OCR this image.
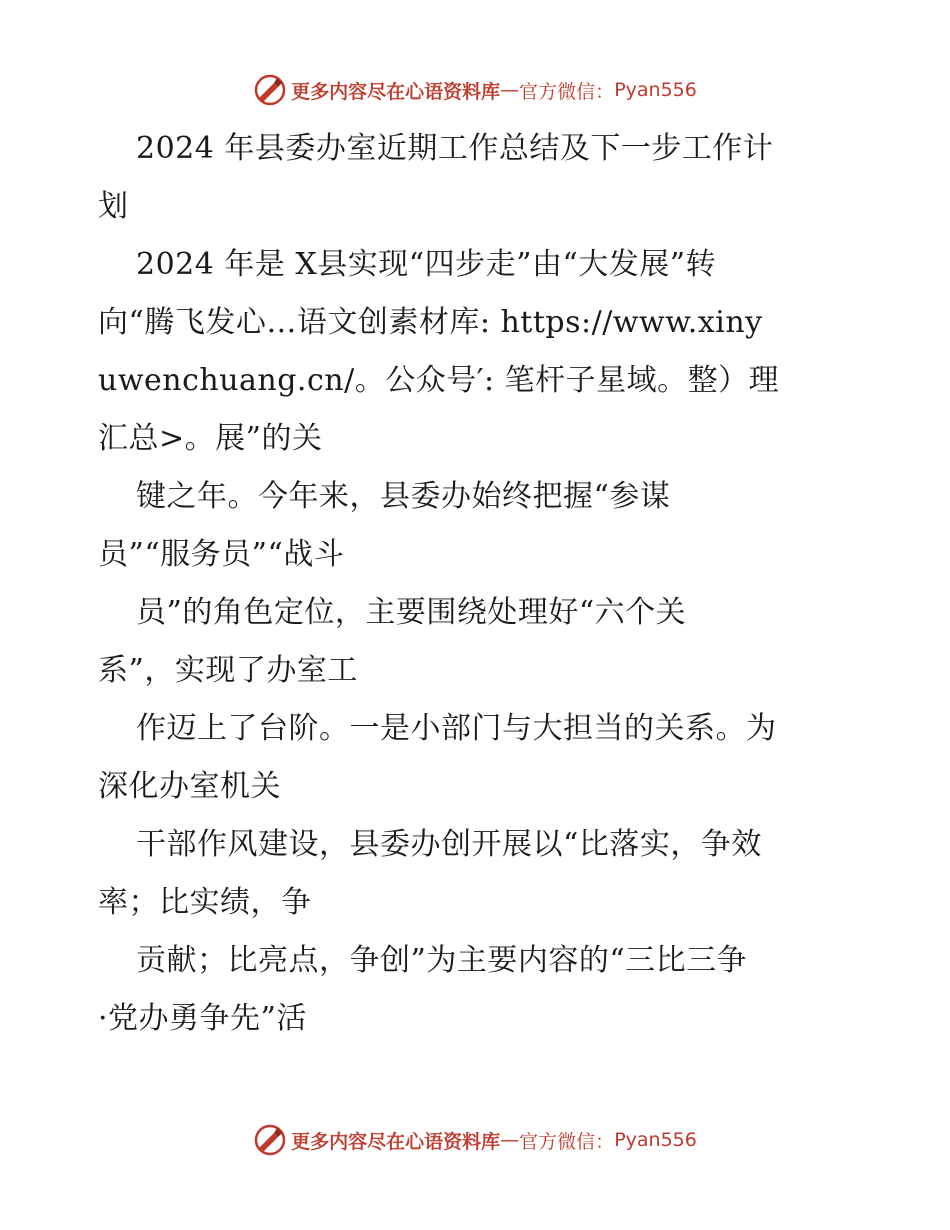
更多内容尽在心语资料库 — 官方微信： Pyan556
2024 年县委办室近期工作总结及下一步工作计
划
2024 年是 X县实现“四步走”由“大发展”转
向“腾飞发心…语文创素材库: https://www.xiny
uwenchuang.cn/。公众号′: 笔杆子星域。整）理
汇总>。展”的关
键之年。今年来，县委办始终把握“参谋
员”“服务员”“战斗
员”的角色定位，主要围绕处理好“六个关
系”，实现了办室工
作迈上了台阶。一是小部门与大担当的关系。为
深化办室机关
干部作风建设，县委办创开展以“比落实，争效
率；比实绩，争
贡献；比亮点，争创”为主要内容的“三比三争
·党办勇争先”活
更多内容尽在心语资料库 — 官方微信： Pyan556
